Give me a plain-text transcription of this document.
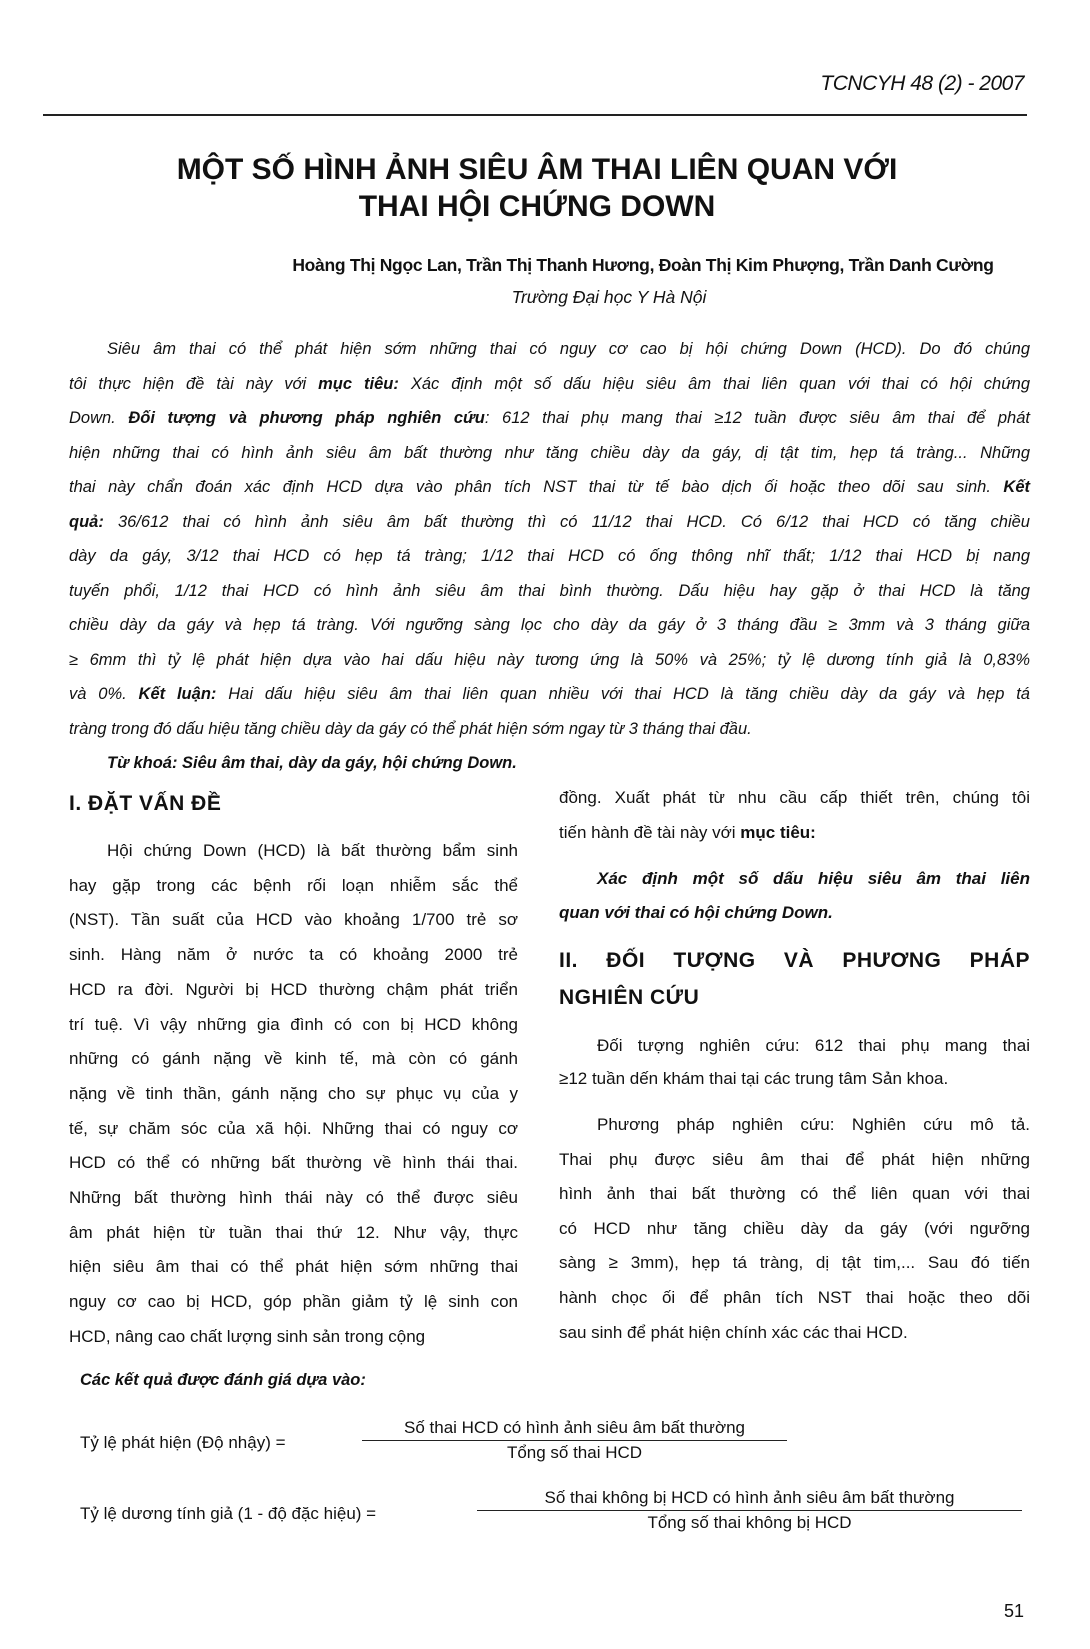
TCNCYH 48 (2) - 2007
MỘT SỐ HÌNH ẢNH SIÊU ÂM THAI LIÊN QUAN VỚI
THAI HỘI CHỨNG DOWN
Hoàng Thị Ngọc Lan, Trần Thị Thanh Hương, Đoàn Thị Kim Phượng, Trần Danh Cường
Trường Đại học Y Hà Nội
Siêu âm thai có thể phát hiện sớm những thai có nguy cơ cao bị hội chứng Down (HCD). Do đó chúng
tôi thực hiện đề tài này với mục tiêu: Xác định một số dấu hiệu siêu âm thai liên quan với thai có hội chứng
Down. Đối tượng và phương pháp nghiên cứu: 612 thai phụ mang thai ≥12 tuần được siêu âm thai để phát
hiện những thai có hình ảnh siêu âm bất thường như tăng chiều dày da gáy, dị tật tim, hẹp tá tràng... Những
thai này chẩn đoán xác định HCD dựa vào phân tích NST thai từ tế bào dịch ối hoặc theo dõi sau sinh. Kết
quả: 36/612 thai có hình ảnh siêu âm bất thường thì có 11/12 thai HCD. Có 6/12 thai HCD có tăng chiều
dày da gáy, 3/12 thai HCD có hẹp tá tràng; 1/12 thai HCD có ống thông nhĩ thất; 1/12 thai HCD bị nang
tuyến phổi, 1/12 thai HCD có hình ảnh siêu âm thai bình thường. Dấu hiệu hay gặp ở thai HCD là tăng
chiều dày da gáy và hẹp tá tràng. Với ngưỡng sàng lọc cho dày da gáy ở 3 tháng đầu ≥ 3mm và 3 tháng giữa
≥ 6mm thì tỷ lệ phát hiện dựa vào hai dấu hiệu này tương ứng là 50% và 25%; tỷ lệ dương tính giả là 0,83%
và 0%. Kết luận: Hai dấu hiệu siêu âm thai liên quan nhiều với thai HCD là tăng chiều dày da gáy và hẹp tá
tràng trong đó dấu hiệu tăng chiều dày da gáy có thể phát hiện sớm ngay từ 3 tháng thai đầu.
Từ khoá: Siêu âm thai, dày da gáy, hội chứng Down.
I. ĐẶT VẤN ĐỀ
Hội chứng Down (HCD) là bất thường bẩm sinh
hay gặp trong các bệnh rối loạn nhiễm sắc thể
(NST). Tần suất của HCD vào khoảng 1/700 trẻ sơ
sinh. Hàng năm ở nước ta có khoảng 2000 trẻ
HCD ra đời. Người bị HCD thường chậm phát triển
trí tuệ. Vì vậy những gia đình có con bị HCD không
những có gánh nặng về kinh tế, mà còn có gánh
nặng về tinh thần, gánh nặng cho sự phục vụ của y
tế, sự chăm sóc của xã hội. Những thai có nguy cơ
HCD có thể có những bất thường về hình thái thai.
Những bất thường hình thái này có thể được siêu
âm phát hiện từ tuần thai thứ 12. Như vậy, thực
hiện siêu âm thai có thể phát hiện sớm những thai
nguy cơ cao bị HCD, góp phần giảm tỷ lệ sinh con
HCD, nâng cao chất lượng sinh sản trong cộng
đồng. Xuất phát từ nhu cầu cấp thiết trên, chúng tôi
tiến hành đề tài này với mục tiêu:
Xác định một số dấu hiệu siêu âm thai liên
quan với thai có hội chứng Down.
II. ĐỐI TƯỢNG VÀ PHƯƠNG PHÁP
NGHIÊN CỨU
Đối tượng nghiên cứu: 612 thai phụ mang thai
≥12 tuần dến khám thai tại các trung tâm Sản khoa.
Phương pháp nghiên cứu: Nghiên cứu mô tả.
Thai phụ được siêu âm thai để phát hiện những
hình ảnh thai bất thường có thể liên quan với thai
có HCD như tăng chiều dày da gáy (với ngưỡng
sàng ≥ 3mm), hẹp tá tràng, dị tật tim,... Sau đó tiến
hành chọc ối để phân tích NST thai hoặc theo dõi
sau sinh để phát hiện chính xác các thai HCD.
Các kết quả được đánh giá dựa vào:
Tỷ lệ phát hiện (Độ nhậy) =
Số thai HCD có hình ảnh siêu âm bất thường
Tổng số thai HCD
Tỷ lệ dương tính giả (1 - độ đặc hiệu) =
Số thai không bị HCD có hình ảnh siêu âm bất thường
Tổng số thai không bị HCD
51
